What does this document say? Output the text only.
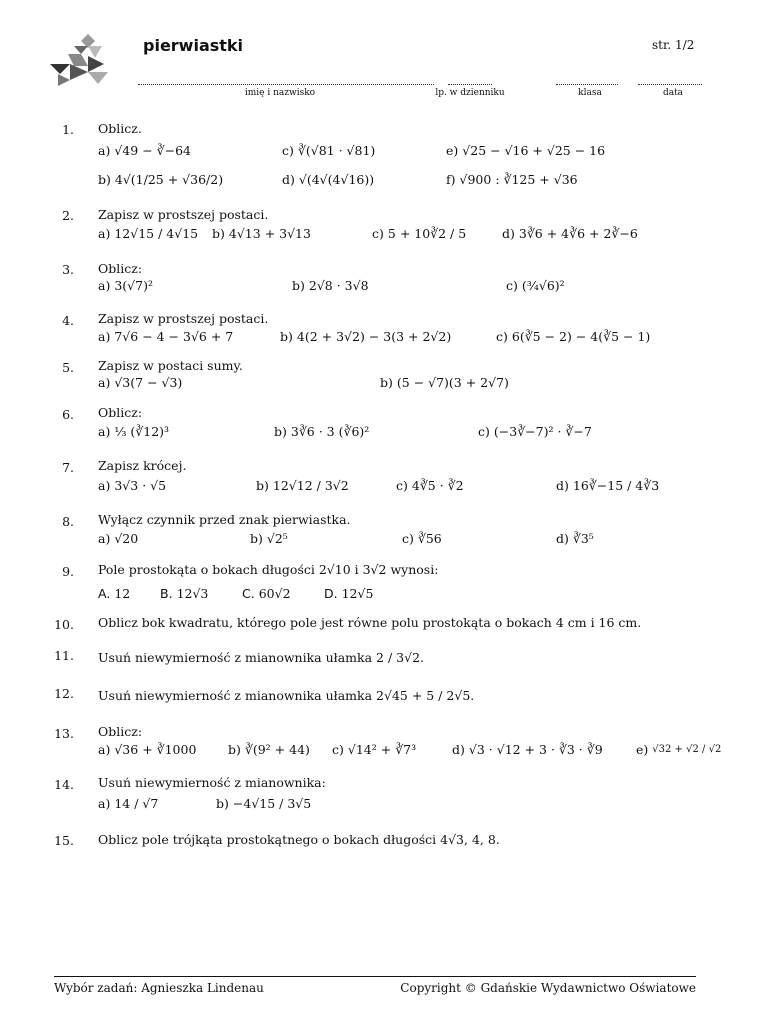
pierwiastki	str. 1/2
imię i nazwisko	lp. w dzienniku	klasa	data
1. Oblicz.
a) √49 − ∛−64	c) ∛(√81 · √81)	e) √25 − √16 + √25 − 16
b) 4√(1/25 + √36/2)	d) √(4√(4√16))	f) √900 : ∛125 + √36
2. Zapisz w prostszej postaci.
a) 12√15 / 4√15 b) 4√13 + 3√13	c) 5 + 10∛2 / 5	d) 3∛6 + 4∛6 + 2∛−6
3. Oblicz:
a) 3(√7)²	b) 2√8 · 3√8	c) (¾√6)²
4. Zapisz w prostszej postaci.
a) 7√6 − 4 − 3√6 + 7	b) 4(2 + 3√2) − 3(3 + 2√2)	c) 6(∛5 − 2) − 4(∛5 − 1)
5. Zapisz w postaci sumy.
a) √3(7 − √3)	b) (5 − √7)(3 + 2√7)
6. Oblicz:
a) ⅓ (∛12)³	b) 3∛6 · 3 (∛6)²	c) (−3∛−7)² · ∛−7
7. Zapisz krócej.
a) 3√3 · √5	b) 12√12 / 3√2	c) 4∛5 · ∛2	d) 16∛−15 / 4∛3
8. Wyłącz czynnik przed znak pierwiastka.
a) √20	b) √2⁵	c) ∛56	d) ∛3⁵
9. Pole prostokąta o bokach długości 2√10 i 3√2 wynosi:
A. 12 B. 12√3	C. 60√2	D. 12√5
10. Oblicz bok kwadratu, którego pole jest równe polu prostokąta o bokach 4 cm i 16 cm.
11. Usuń niewymierność z mianownika ułamka 2 / 3√2.
12. Usuń niewymierność z mianownika ułamka 2√45 + 5 / 2√5.
13. Oblicz:
a) √36 + ∛1000	b) ∛(9² + 44) c) √14² + ∛7³	d) √3 · √12 + 3 · ∛3 · ∛9	e) √32 + √2 / √2
14. Usuń niewymierność z mianownika:
a) 14 / √7	b) −4√15 / 3√5
15. Oblicz pole trójkąta prostokątnego o bokach długości 4√3, 4, 8.
Wybór zadań: Agnieszka Lindenau	Copyright © Gdańskie Wydawnictwo Oświatowe
